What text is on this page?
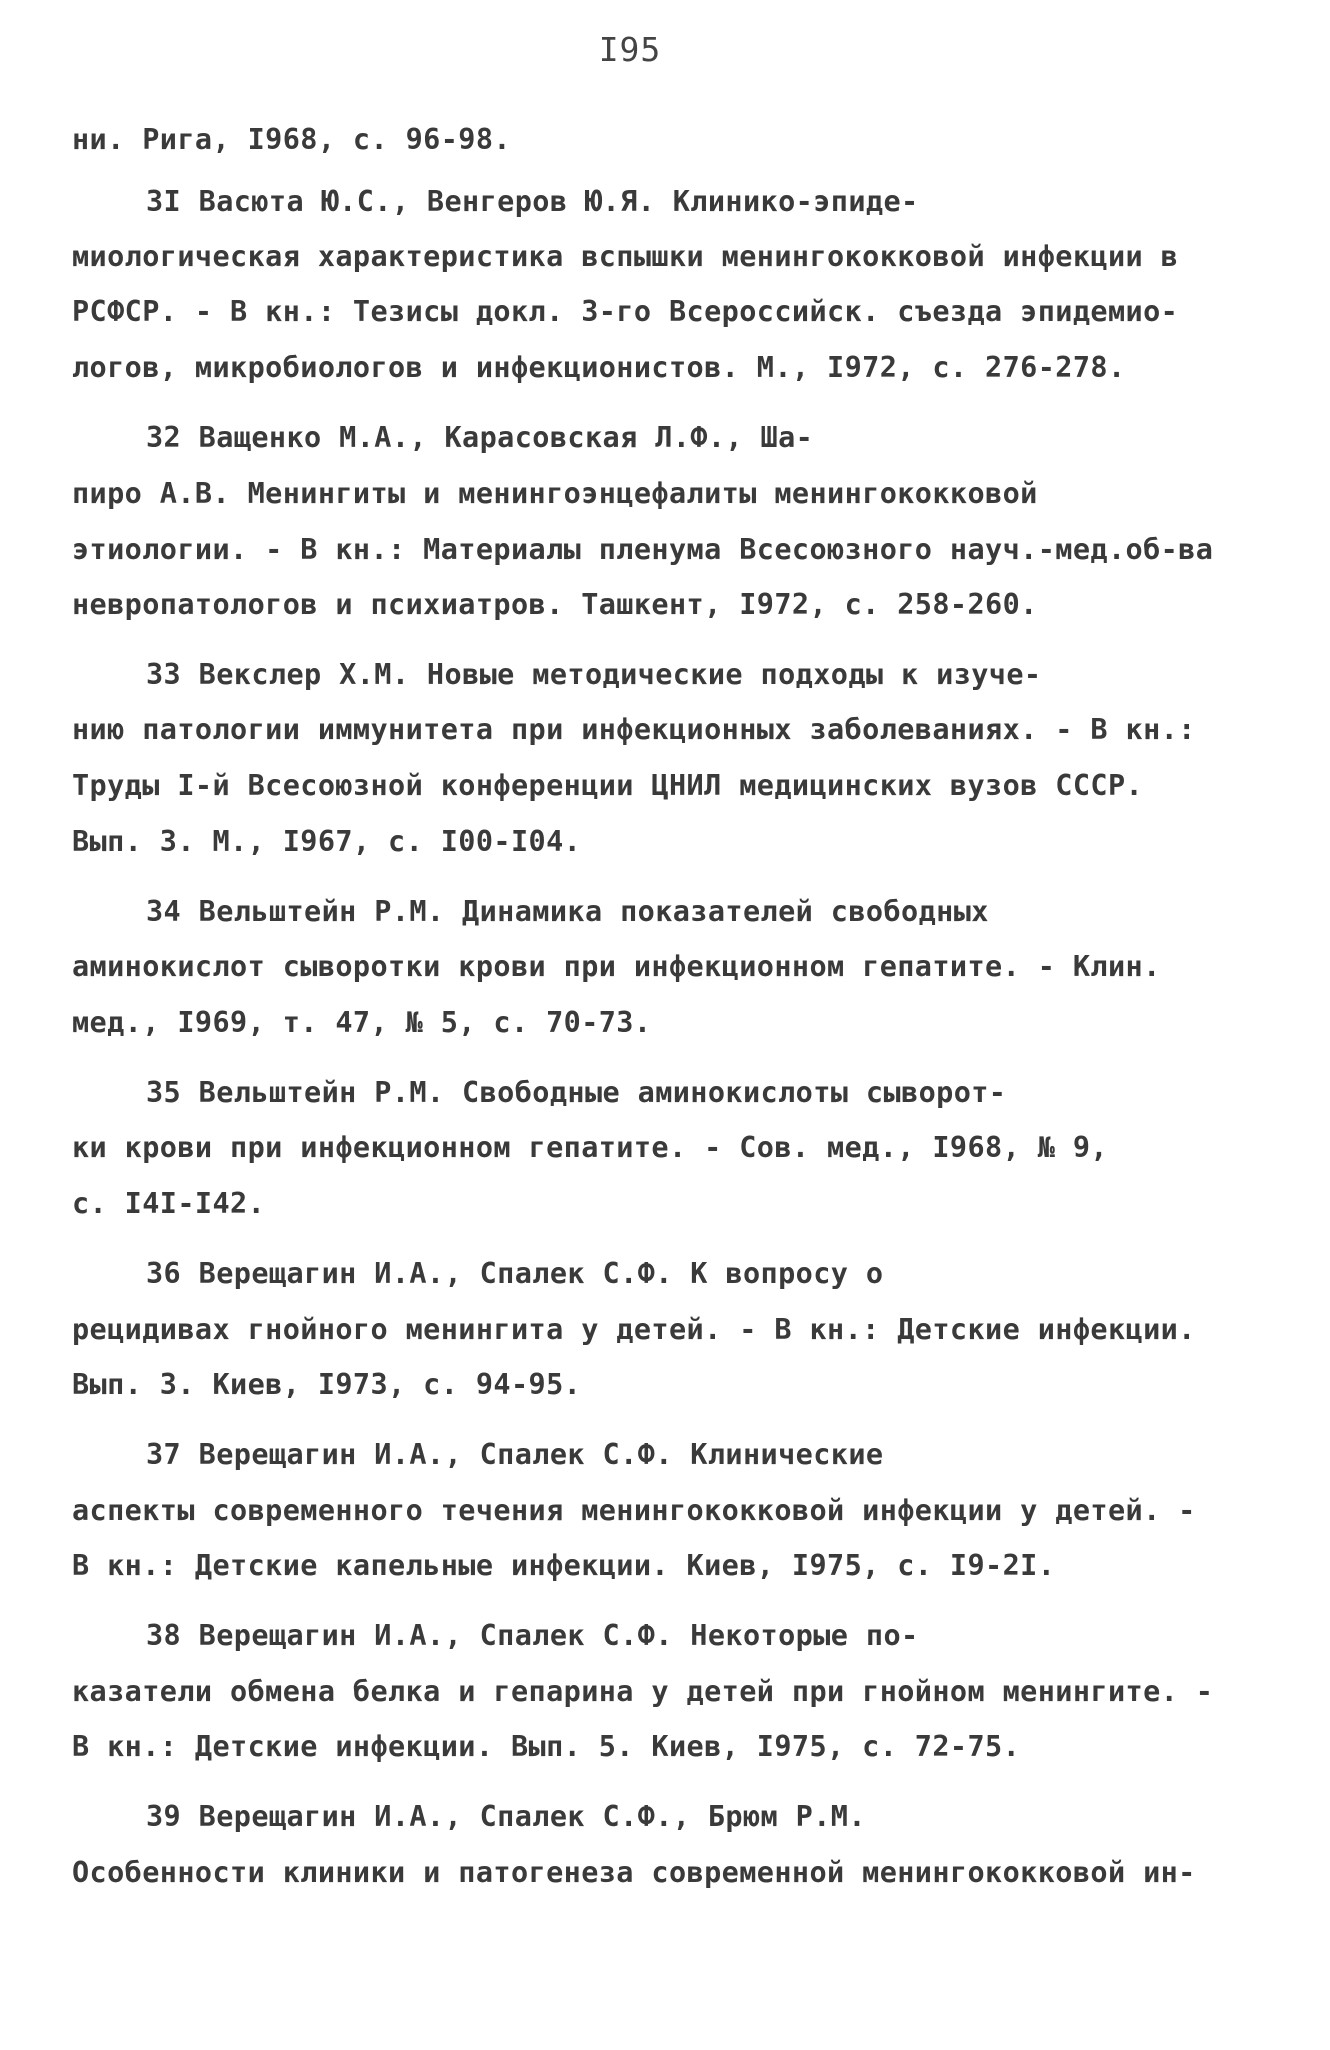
I95
ни. Рига, I968, с. 96-98.
3I Васюта Ю.С., Венгеров Ю.Я. Клинико-эпиде-
миологическая характеристика вспышки менингококковой инфекции в
РСФСР. - В кн.: Тезисы докл. 3-го Всероссийск. съезда эпидемио-
логов, микробиологов и инфекционистов. М., I972, с. 276-278.
32 Ващенко М.А., Карасовская Л.Ф., Ша-
пиро А.В. Менингиты и менингоэнцефалиты менингококковой
этиологии. - В кн.: Материалы пленума Всесоюзного науч.-мед.об-ва
невропатологов и психиатров. Ташкент, I972, с. 258-260.
33 Векслер Х.М. Новые методические подходы к изуче-
нию патологии иммунитета при инфекционных заболеваниях. - В кн.:
Труды I-й Всесоюзной конференции ЦНИЛ медицинских вузов СССР.
Вып. 3. М., I967, с. I00-I04.
34 Вельштейн Р.М. Динамика показателей свободных
аминокислот сыворотки крови при инфекционном гепатите. - Клин.
мед., I969, т. 47, № 5, с. 70-73.
35 Вельштейн Р.М. Свободные аминокислоты сыворот-
ки крови при инфекционном гепатите. - Сов. мед., I968, № 9,
с. I4I-I42.
36 Верещагин И.А., Спалек С.Ф. К вопросу о
рецидивах гнойного менингита у детей. - В кн.: Детские инфекции.
Вып. 3. Киев, I973, с. 94-95.
37 Верещагин И.А., Спалек С.Ф. Клинические
аспекты современного течения менингококковой инфекции у детей. -
В кн.: Детские капельные инфекции. Киев, I975, с. I9-2I.
38 Верещагин И.А., Спалек С.Ф. Некоторые по-
казатели обмена белка и гепарина у детей при гнойном менингите. -
В кн.: Детские инфекции. Вып. 5. Киев, I975, с. 72-75.
39 Верещагин И.А., Спалек С.Ф., Брюм Р.М.
Особенности клиники и патогенеза современной менингококковой ин-
